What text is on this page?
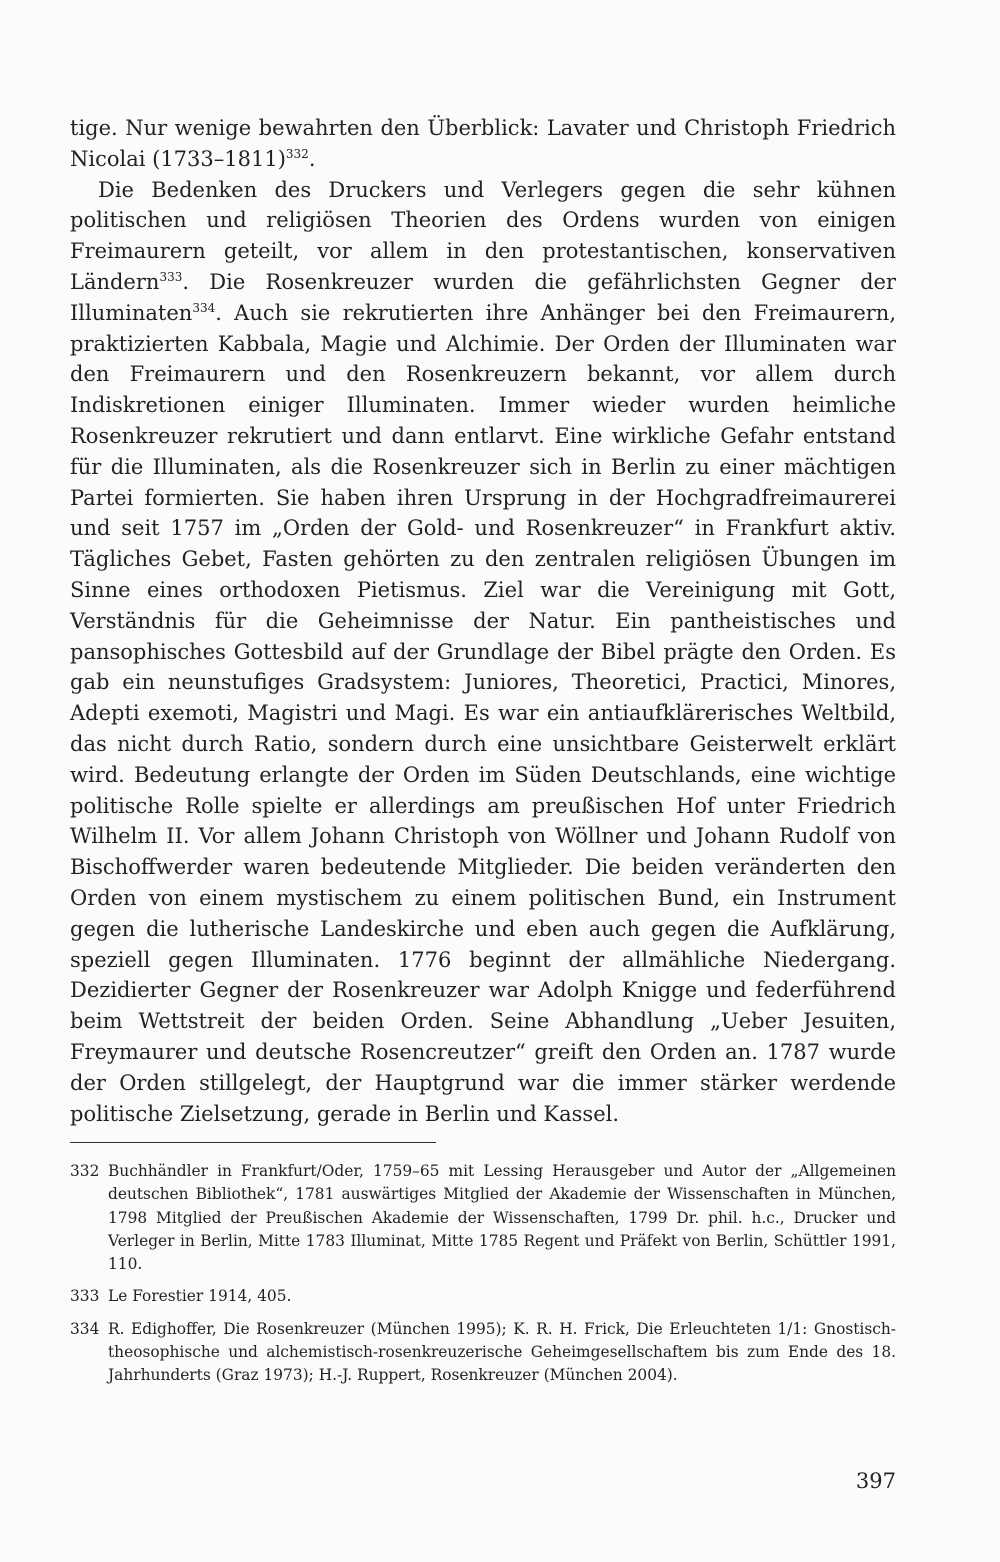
tige. Nur wenige bewahrten den Überblick: Lavater und Christoph Friedrich Nicolai (1733–1811)$^{332}$.

Die Bedenken des Druckers und Verlegers gegen die sehr kühnen politischen und religiösen Theorien des Ordens wurden von einigen Freimaurern geteilt, vor allem in den protestantischen, konservativen Ländern$^{333}$. Die Rosenkreuzer wurden die gefährlichsten Gegner der Illuminaten$^{334}$. Auch sie rekrutierten ihre Anhänger bei den Freimaurern, praktizierten Kabbala, Magie und Alchimie. Der Orden der Illuminaten war den Freimaurern und den Rosenkreuzern bekannt, vor allem durch Indiskretionen einiger Illuminaten. Immer wieder wurden heimliche Rosenkreuzer rekrutiert und dann entlarvt. Eine wirkliche Gefahr entstand für die Illuminaten, als die Rosenkreuzer sich in Berlin zu einer mächtigen Partei formierten. Sie haben ihren Ursprung in der Hochgradfreimaurerei und seit 1757 im „Orden der Gold- und Rosenkreuzer“ in Frankfurt aktiv. Tägliches Gebet, Fasten gehörten zu den zentralen religiösen Übungen im Sinne eines orthodoxen Pietismus. Ziel war die Vereinigung mit Gott, Verständnis für die Geheimnisse der Natur. Ein pantheistisches und pansophisches Gottesbild auf der Grundlage der Bibel prägte den Orden. Es gab ein neunstufiges Gradsystem: Juniores, Theoretici, Practici, Minores, Adepti exemoti, Magistri und Magi. Es war ein antiaufklärerisches Weltbild, das nicht durch Ratio, sondern durch eine unsichtbare Geisterwelt erklärt wird. Bedeutung erlangte der Orden im Süden Deutschlands, eine wichtige politische Rolle spielte er allerdings am preußischen Hof unter Friedrich Wilhelm II. Vor allem Johann Christoph von Wöllner und Johann Rudolf von Bischoffwerder waren bedeutende Mitglieder. Die beiden veränderten den Orden von einem mystischem zu einem politischen Bund, ein Instrument gegen die lutherische Landeskirche und eben auch gegen die Aufklärung, speziell gegen Illuminaten. 1776 beginnt der allmähliche Niedergang. Dezidierter Gegner der Rosenkreuzer war Adolph Knigge und federführend beim Wettstreit der beiden Orden. Seine Abhandlung „Ueber Jesuiten, Freymaurer und deutsche Rosencreutzer“ greift den Orden an. 1787 wurde der Orden stillgelegt, der Hauptgrund war die immer stärker werdende politische Zielsetzung, gerade in Berlin und Kassel.

332 Buchhändler in Frankfurt/Oder, 1759–65 mit Lessing Herausgeber und Autor der „Allgemeinen deutschen Bibliothek“, 1781 auswärtiges Mitglied der Akademie der Wissenschaften in München, 1798 Mitglied der Preußischen Akademie der Wissenschaften, 1799 Dr. phil. h.c., Drucker und Verleger in Berlin, Mitte 1783 Illuminat, Mitte 1785 Regent und Präfekt von Berlin, Schüttler 1991, 110.
333 Le Forestier 1914, 405.
334 R. Edighoffer, Die Rosenkreuzer (München 1995); K. R. H. Frick, Die Erleuchteten 1/1: Gnostisch-theosophische und alchemistisch-rosenkreuzerische Geheimgesellschaftem bis zum Ende des 18. Jahrhunderts (Graz 1973); H.-J. Ruppert, Rosenkreuzer (München 2004).
397
